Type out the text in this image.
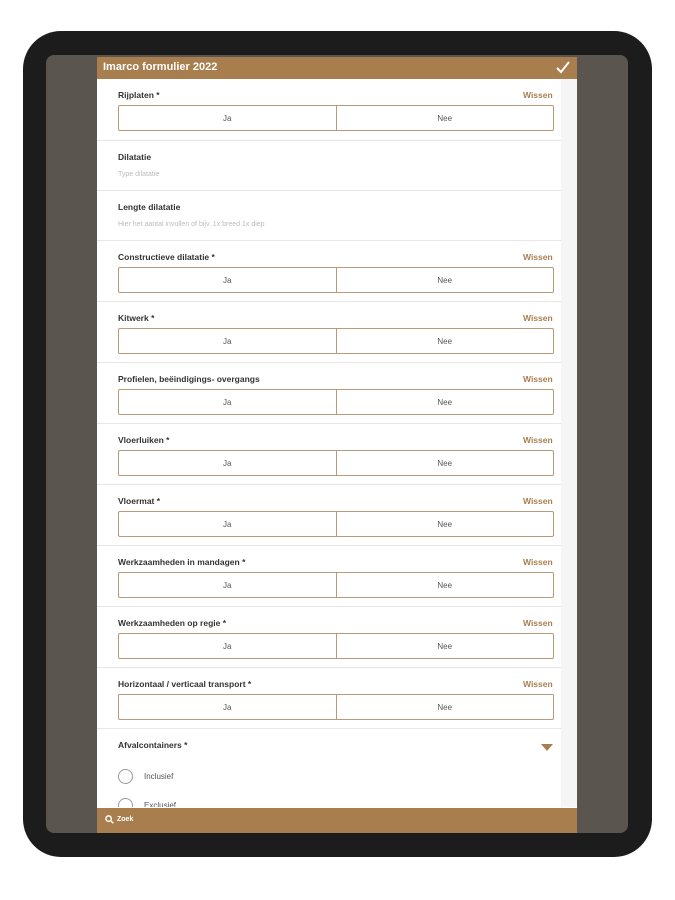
Imarco formulier 2022
Rijplaten *	Wissen
Ja	Nee
Dilatatie
Type dilatatie
Lengte dilatatie
Hier het aantal invullen of bijv. 1x breed 1x diep
Constructieve dilatatie *	Wissen
Ja	Nee
Kitwerk *	Wissen
Ja	Nee
Profielen, beëindigings- overgangs	Wissen
Ja	Nee
Vloerluiken *	Wissen
Ja	Nee
Vloermat *	Wissen
Ja	Nee
Werkzaamheden in mandagen *	Wissen
Ja	Nee
Werkzaamheden op regie *	Wissen
Ja	Nee
Horizontaal / verticaal transport *	Wissen
Ja	Nee
Afvalcontainers *
Inclusief
Exclusief
Zoek
